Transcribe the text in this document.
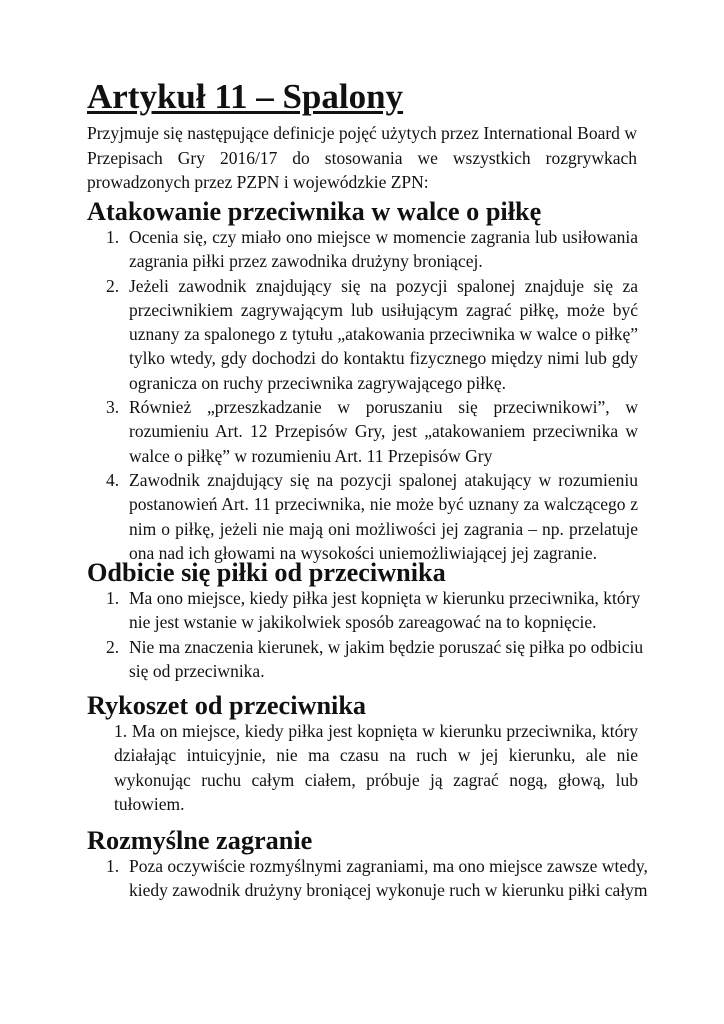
Artykuł 11 – Spalony
Przyjmuje się następujące definicje pojęć użytych przez International Board w
Przepisach Gry 2016/17 do stosowania we wszystkich rozgrywkach
prowadzonych przez PZPN i wojewódzkie ZPN:
Atakowanie przeciwnika w walce o piłkę
1. Ocenia się, czy miało ono miejsce w momencie zagrania lub usiłowania
zagrania piłki przez zawodnika drużyny broniącej.
2. Jeżeli zawodnik znajdujący się na pozycji spalonej znajduje się za
przeciwnikiem zagrywającym lub usiłującym zagrać piłkę, może być
uznany za spalonego z tytułu „atakowania przeciwnika w walce o piłkę”
tylko wtedy, gdy dochodzi do kontaktu fizycznego między nimi lub gdy
ogranicza on ruchy przeciwnika zagrywającego piłkę.
3. Również „przeszkadzanie w poruszaniu się przeciwnikowi”, w
rozumieniu Art. 12 Przepisów Gry, jest „atakowaniem przeciwnika w
walce o piłkę” w rozumieniu Art. 11 Przepisów Gry
4. Zawodnik znajdujący się na pozycji spalonej atakujący w rozumieniu
postanowień Art. 11 przeciwnika, nie może być uznany za walczącego z
nim o piłkę, jeżeli nie mają oni możliwości jej zagrania – np. przelatuje
ona nad ich głowami na wysokości uniemożliwiającej jej zagranie.
Odbicie się piłki od przeciwnika
1. Ma ono miejsce, kiedy piłka jest kopnięta w kierunku przeciwnika, który
nie jest wstanie w jakikolwiek sposób zareagować na to kopnięcie.
2. Nie ma znaczenia kierunek, w jakim będzie poruszać się piłka po odbiciu
się od przeciwnika.
Rykoszet od przeciwnika
1. Ma on miejsce, kiedy piłka jest kopnięta w kierunku przeciwnika, który
działając intuicyjnie, nie ma czasu na ruch w jej kierunku, ale nie
wykonując ruchu całym ciałem, próbuje ją zagrać nogą, głową, lub
tułowiem.
Rozmyślne zagranie
1. Poza oczywiście rozmyślnymi zagraniami, ma ono miejsce zawsze wtedy,
kiedy zawodnik drużyny broniącej wykonuje ruch w kierunku piłki całym
